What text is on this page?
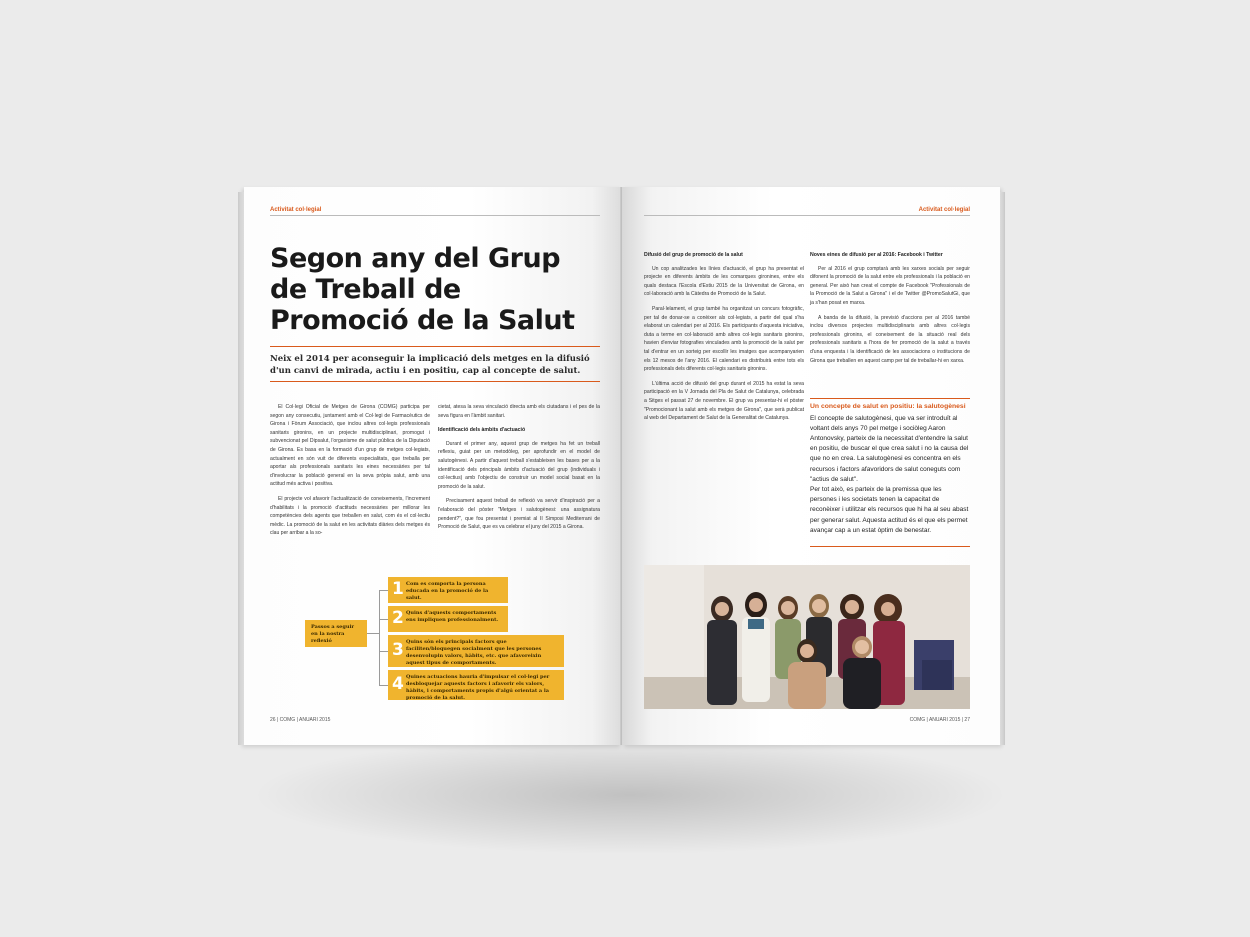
Activitat col·legial
Segon any del Grup de Treball de Promoció de la Salut
Neix el 2014 per aconseguir la implicació dels metges en la difusió d'un canvi de mirada, actiu i en positiu, cap al concepte de salut.

El Col·legi Oficial de Metges de Girona (COMG) participa per segon any consecutiu, juntament amb el Col·legi de Farmacèutics de Girona i Fòrum Associació, que inclou altres col·legis professionals sanitaris gironins, en un projecte multidisciplinari, promogut i subvencionat pel Dipsalut, l'organisme de salut pública de la Diputació de Girona. Es basa en la formació d'un grup de metges col·legiats, actualment en són vuit de diferents especialitats, que treballa per aportar als professionals sanitaris les eines necessàries per tal d'involucrar la població general en la seva pròpia salut, amb una actitud més activa i positiva.

El projecte vol afavorir l'actualització de coneixements, l'increment d'habilitats i la promoció d'actituds necessàries per millorar les competències dels agents que treballen en salut, com és el col·lectiu mèdic. La promoció de la salut en les activitats diàries dels metges és clau per arribar a la so-

cietat, atesa la seva vinculació directa amb els ciutadans i el pes de la seva figura en l'àmbit sanitari.

Identificació dels àmbits d'actuació

Durant el primer any, aquest grup de metges ha fet un treball reflexiu, guiat per un metodòleg, per aprofundir en el model de salutogènesi. A partir d'aquest treball s'estableixen les bases per a la identificació dels principals àmbits d'actuació del grup (individuals i col·lectius) amb l'objectiu de construir un model social basat en la promoció de la salut.

Precisament aquest treball de reflexió va servir d'inspiració per a l'elaboració del pòster "Metges i salutogènesi: una assignatura pendent?", que fou presentat i premiat al II Simposi Mediterrani de Promoció de Salut, que es va celebrar el juny del 2015 a Girona.

Passos a seguir en la nostra reflexió
1 Com es comporta la persona educada en la promoció de la salut.
2 Quins d'aquests comportaments ens impliquen professionalment.
3 Quins són els principals factors que faciliten/bloquegen socialment que les persones desenvolupin valors, hàbits, etc. que afavoreixin aquest tipus de comportaments.
4 Quines actuacions hauria d'impulsar el col·legi per desbloquejar aquests factors i afavorir els valors, hàbits, i comportaments propis d'algú orientat a la promoció de la salut.
26 | COMG | ANUARI 2015
Activitat col·legial
Difusió del grup de promoció de la salut

Un cop analitzades les línies d'actuació, el grup ha presentat el projecte en diferents àmbits de les comarques gironines, entre els quals destaca l'Escola d'Estiu 2015 de la Universitat de Girona, en col·laboració amb la Càtedra de Promoció de la Salut.

Paral·lelament, el grup també ha organitzat un concurs fotogràfic, per tal de donar-se a conèixer als col·legiats, a partir del qual s'ha elaborat un calendari per al 2016. Els participants d'aquesta iniciativa, duta a terme en col·laboració amb altres col·legis sanitaris gironins, havien d'enviar fotografies vinculades amb la promoció de la salut per tal d'entrar en un sorteig per escollir les imatges que acompanyarien els 12 mesos de l'any 2016. El calendari es distribuirà entre tots els professionals dels diferents col·legis sanitaris gironins.

L'última acció de difusió del grup durant el 2015 ha estat la seva participació en la V Jornada del Pla de Salut de Catalunya, celebrada a Sitges el passat 27 de novembre. El grup va presentar-hi el pòster "Promocionant la salut amb els metges de Girona", que serà publicat al web del Departament de Salut de la Generalitat de Catalunya.

Noves eines de difusió per al 2016: Facebook i Twitter

Per al 2016 el grup comptarà amb les xarxes socials per seguir difonent la promoció de la salut entre els professionals i la població en general. Per això han creat el compte de Facebook "Professionals de la Promoció de la Salut a Girona" i el de Twitter @PromoSalutGi, que ja s'han posat en marxa.

A banda de la difusió, la previsió d'accions per al 2016 també inclou diversos projectes multidisciplinaris amb altres col·legis professionals gironins, el coneixement de la situació real dels professionals sanitaris a l'hora de fer promoció de la salut a través d'una enquesta i la identificació de les associacions o institucions de Girona que treballen en aquest camp per tal de treballar-hi en xarxa.

Un concepte de salut en positiu: la salutogènesi
El concepte de salutogènesi, que va ser introduït al voltant dels anys 70 pel metge i sociòleg Aaron Antonovsky, parteix de la necessitat d'entendre la salut en positiu, de buscar el que crea salut i no la causa del que no en crea. La salutogènesi es concentra en els recursos i factors afavoridors de salut coneguts com "actius de salut".
Per tot això, es parteix de la premissa que les persones i les societats tenen la capacitat de reconèixer i utilitzar els recursos que hi ha al seu abast per generar salut. Aquesta actitud és el que els permet avançar cap a un estat òptim de benestar.
COMG | ANUARI 2015 | 27
